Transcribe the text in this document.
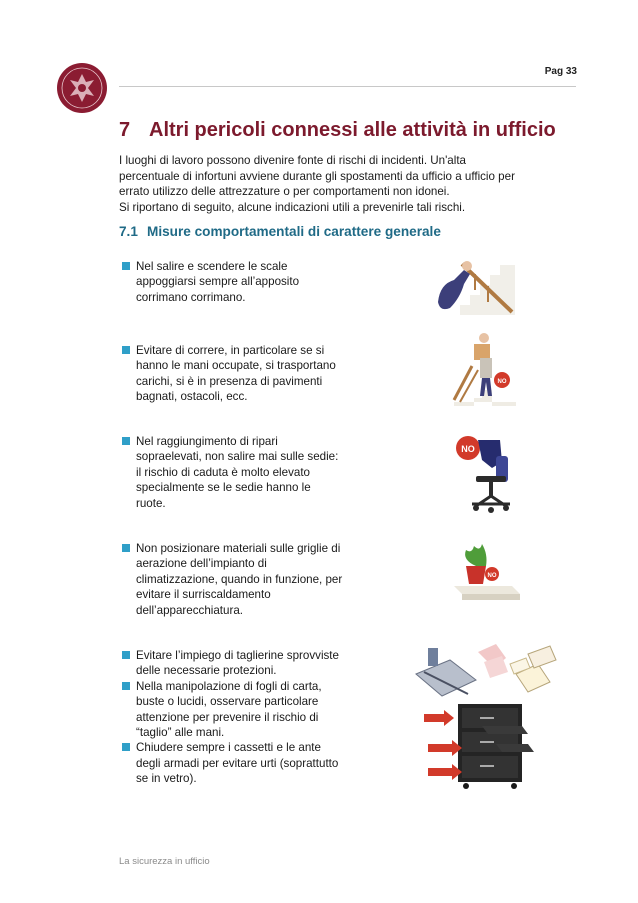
Pag 33
7 Altri pericoli connessi alle attività in ufficio

I luoghi di lavoro possono divenire fonte di rischi di incidenti. Un'alta

percentuale di infortuni avviene durante gli spostamenti da ufficio a ufficio per

errato utilizzo delle attrezzature o per comportamenti non idonei.

Si riportano di seguito, alcune indicazioni utili a prevenirle tali rischi.

7.1 Misure comportamentali di carattere generale
Nel salire e scendere le scale
appoggiarsi sempre all’apposito
corrimano corrimano.
Evitare di correre, in particolare se si
hanno le mani occupate, si trasportano
carichi, si è in presenza di pavimenti
bagnati, ostacoli, ecc.
Nel raggiungimento di ripari
sopraelevati, non salire mai sulle sedie:
il rischio di caduta è molto elevato
specialmente se le sedie hanno le
ruote.
Non posizionare materiali sulle griglie di
aerazione dell’impianto di
climatizzazione, quando in funzione, per
evitare il surriscaldamento
dell’apparecchiatura.
Evitare l’impiego di taglierine sprovviste
delle necessarie protezioni.
Nella manipolazione di fogli di carta,
buste o lucidi, osservare particolare
attenzione per prevenire il rischio di
“taglio” alle mani.
Chiudere sempre i cassetti e le ante
degli armadi per evitare urti (soprattutto
se in vetro).
NO
NO
NO
La sicurezza in ufficio
